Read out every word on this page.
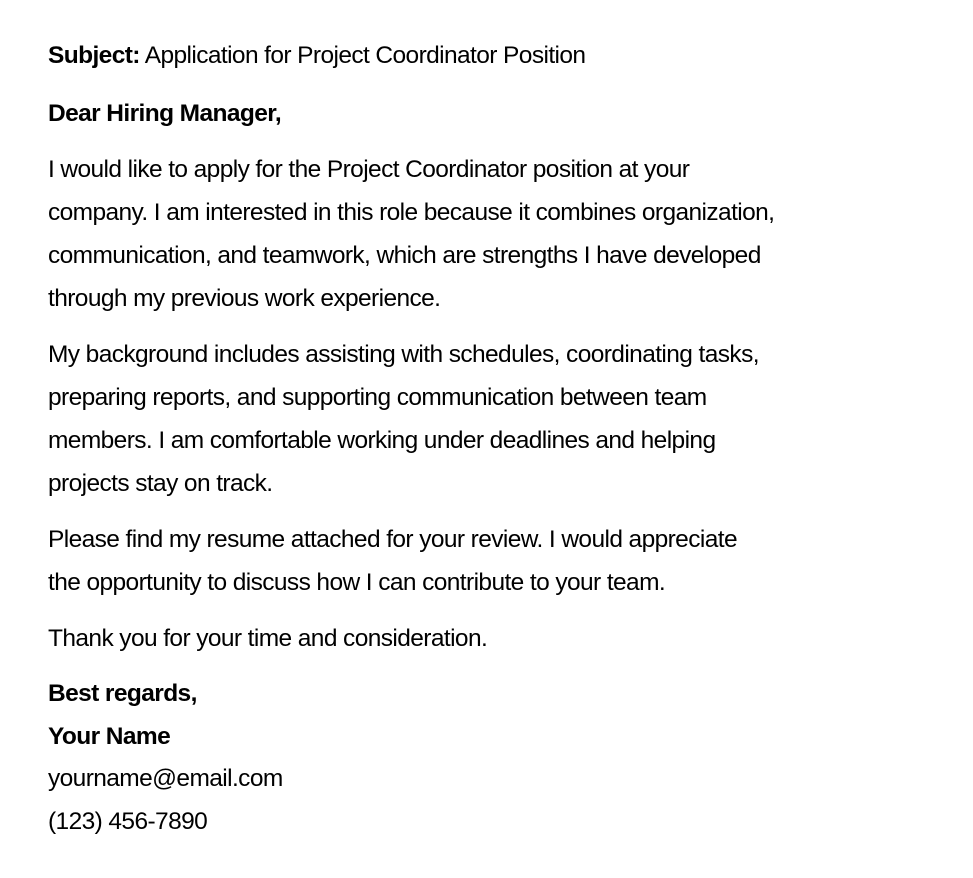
Subject: Application for Project Coordinator Position
Dear Hiring Manager,
I would like to apply for the Project Coordinator position at your
company. I am interested in this role because it combines organization,
communication, and teamwork, which are strengths I have developed
through my previous work experience.
My background includes assisting with schedules, coordinating tasks,
preparing reports, and supporting communication between team
members. I am comfortable working under deadlines and helping
projects stay on track.
Please find my resume attached for your review. I would appreciate
the opportunity to discuss how I can contribute to your team.
Thank you for your time and consideration.
Best regards,
Your Name
yourname@email.com
(123) 456-7890
